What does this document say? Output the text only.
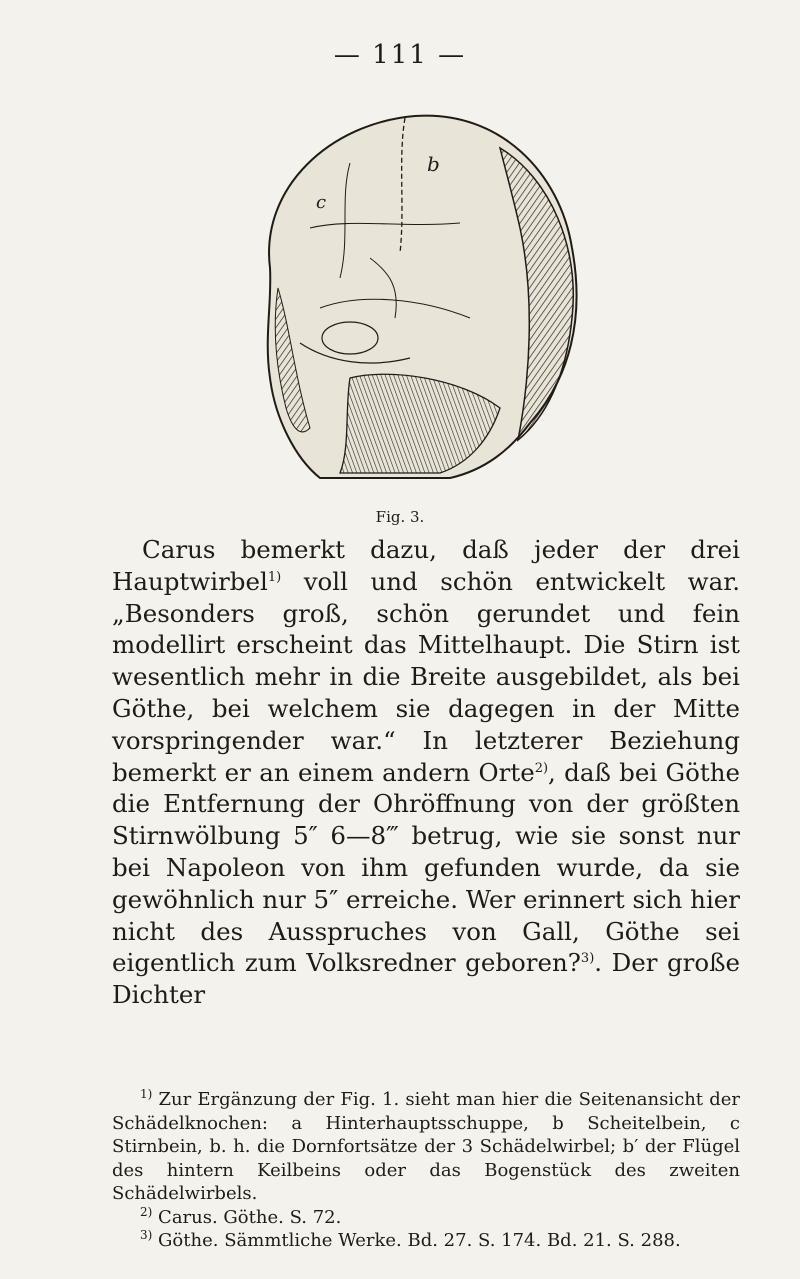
— 111 —
b
c
Fig. 3.

Carus bemerkt dazu, daß jeder der drei Hauptwirbel$^{1)}$ voll und schön entwickelt war. „Besonders groß, schön gerundet und fein modellirt erscheint das Mittelhaupt. Die Stirn ist wesentlich mehr in die Breite ausgebildet, als bei Göthe, bei welchem sie dagegen in der Mitte vorspringender war.“ In letzterer Beziehung bemerkt er an einem andern Orte$^{2)}$, daß bei Göthe die Entfernung der Ohröffnung von der größten Stirnwölbung 5″ 6—8‴ betrug, wie sie sonst nur bei Napoleon von ihm gefunden wurde, da sie gewöhnlich nur 5″ erreiche. Wer erinnert sich hier nicht des Ausspruches von Gall, Göthe sei eigentlich zum Volksredner geboren?$^{3)}$. Der große Dichter

$^{1)}$ Zur Ergänzung der Fig. 1. sieht man hier die Seitenansicht der Schädelknochen: a Hinterhauptsschuppe, b Scheitelbein, c Stirnbein, b. h. die Dornfortsätze der 3 Schädelwirbel; b′ der Flügel des hintern Keilbeins oder das Bogenstück des zweiten Schädelwirbels.

$^{2)}$ Carus. Göthe. S. 72.

$^{3)}$ Göthe. Sämmtliche Werke. Bd. 27. S. 174. Bd. 21. S. 288.
